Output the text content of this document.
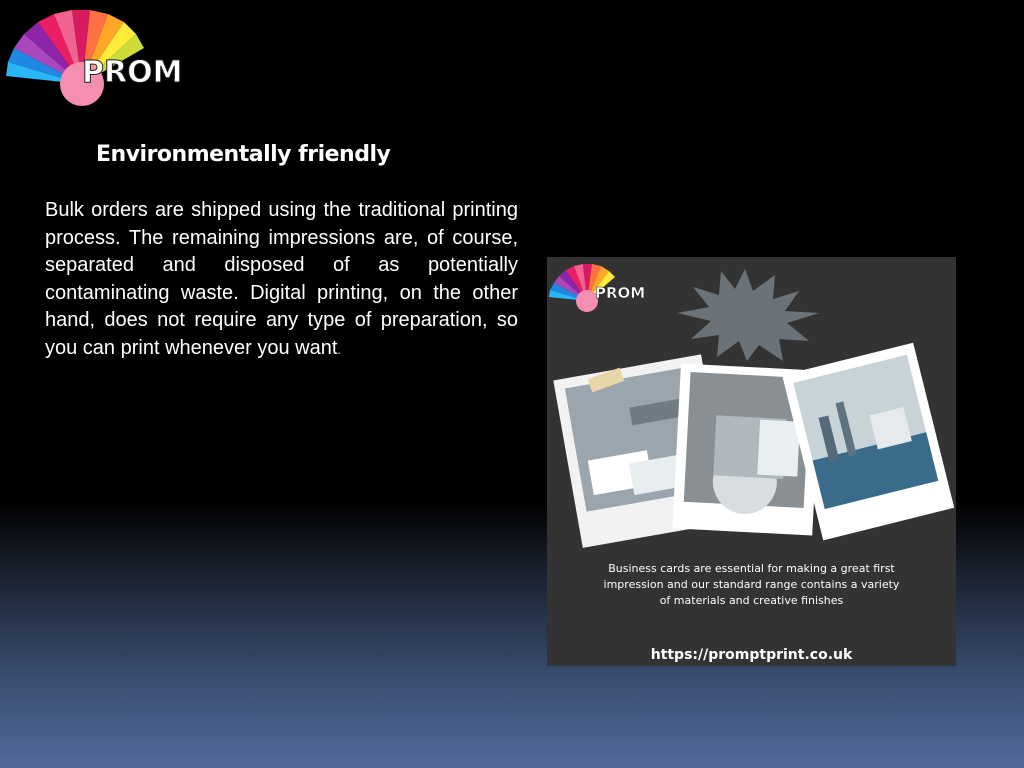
PROM
Environmentally friendly

Bulk orders are shipped using the traditional printing process. The remaining impressions are, of course, separated and disposed of as potentially contaminating waste. Digital printing, on the other hand, does not require any type of preparation, so you can print whenever you want.

PROM
Business cards are essential for making a great first impression and our standard range contains a variety of materials and creative finishes
https://promptprint.co.uk
